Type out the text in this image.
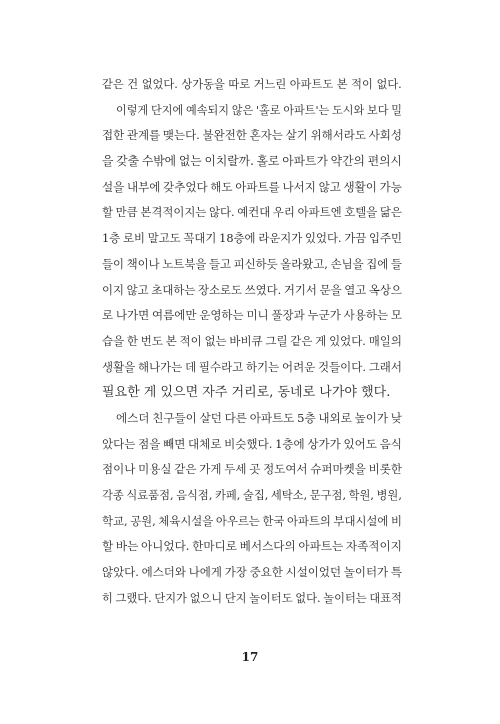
같은 건 없었다. 상가동을 따로 거느린 아파트도 본 적이 없다.
이렇게 단지에 예속되지 않은 '홀로 아파트'는 도시와 보다 밀
접한 관계를 맺는다. 불완전한 혼자는 살기 위해서라도 사회성
을 갖출 수밖에 없는 이치랄까. 홀로 아파트가 약간의 편의시
설을 내부에 갖추었다 해도 아파트를 나서지 않고 생활이 가능
할 만큼 본격적이지는 않다. 예컨대 우리 아파트엔 호텔을 닮은
1층 로비 말고도 꼭대기 18층에 라운지가 있었다. 가끔 입주민
들이 책이나 노트북을 들고 피신하듯 올라왔고, 손님을 집에 들
이지 않고 초대하는 장소로도 쓰였다. 거기서 문을 열고 옥상으
로 나가면 여름에만 운영하는 미니 풀장과 누군가 사용하는 모
습을 한 번도 본 적이 없는 바비큐 그릴 같은 게 있었다. 매일의
생활을 해나가는 데 필수라고 하기는 어려운 것들이다. 그래서
필요한 게 있으면 자주 거리로, 동네로 나가야 했다.
에스더 친구들이 살던 다른 아파트도 5층 내외로 높이가 낮
았다는 점을 빼면 대체로 비슷했다. 1층에 상가가 있어도 음식
점이나 미용실 같은 가게 두세 곳 정도여서 슈퍼마켓을 비롯한
각종 식료품점, 음식점, 카페, 술집, 세탁소, 문구점, 학원, 병원,
학교, 공원, 체육시설을 아우르는 한국 아파트의 부대시설에 비
할 바는 아니었다. 한마디로 베서스다의 아파트는 자족적이지
않았다. 에스더와 나에게 가장 중요한 시설이었던 놀이터가 특
히 그랬다. 단지가 없으니 단지 놀이터도 없다. 놀이터는 대표적
17
